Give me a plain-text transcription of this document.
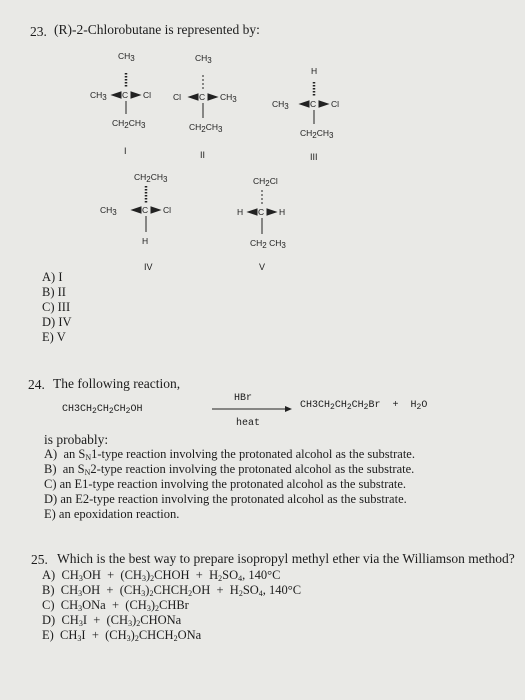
23. (R)-2-Chlorobutane is represented by:
$CH_3$
$CH_3$ C Cl
$CH_2CH_3$
I
$CH_3$
Cl C $CH_3$
$CH_2CH_3$
II
H
$CH_3$	C Cl
$CH_2CH_3$
III
$CH_2CH_3$
$CH_3$	C Cl
H
IV
$CH_2Cl$
H C H
$CH_2$ $CH_3$
V
A) I
B) II
C) III
D) IV
E) V
24. The following reaction,
HBr
$CH3CH_2CH_2CH_2OH$	$CH3CH_2CH_2CH_2Br + H_2O$
heat
is probably:
A)  an $S_N1$-type reaction involving the protonated alcohol as the substrate.
B)  an $S_N2$-type reaction involving the protonated alcohol as the substrate.
C) an E1-type reaction involving the protonated alcohol as the substrate.
D) an E2-type reaction involving the protonated alcohol as the substrate.
E) an epoxidation reaction.
25. Which is the best way to prepare isopropyl methyl ether via the Williamson method?
A)  $CH_3OH$  +  $(CH_3)_2CHOH + H_2SO_4$, 140°C
B)  $CH_3OH$  +  $(CH_3)_2CHCH_2OH + H_2SO_4$, 140°C
C)  $CH_3ONa$  +  $(CH_3)_2CHBr$
D)  $CH_3I$  +  $(CH_3)_2CHONa$
E)  $CH_3I$  +  $(CH_3)_2CHCH_2ONa$
